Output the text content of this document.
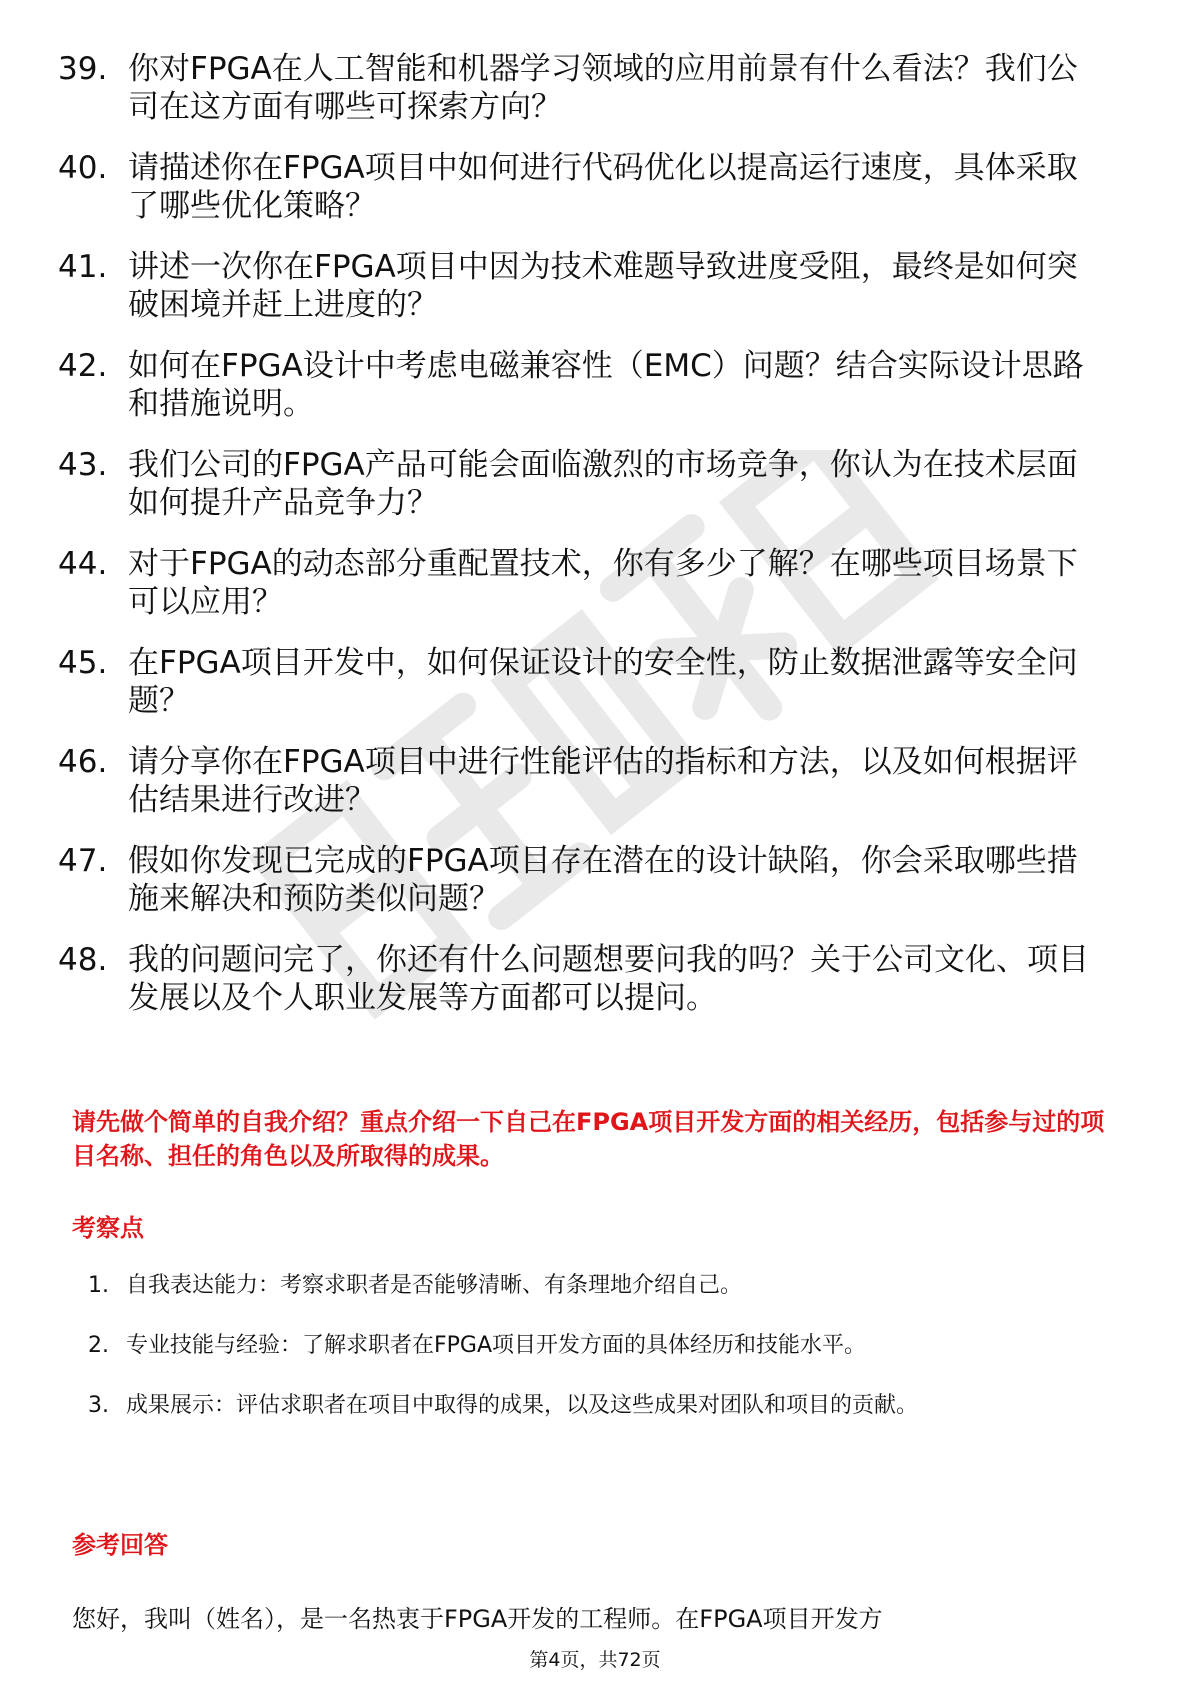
39. 你对FPGA在人工智能和机器学习领域的应用前景有什么看法？我们公司在这方面有哪些可探索方向？
40. 请描述你在FPGA项目中如何进行代码优化以提高运行速度，具体采取了哪些优化策略？
41. 讲述一次你在FPGA项目中因为技术难题导致进度受阻，最终是如何突破困境并赶上进度的？
42. 如何在FPGA设计中考虑电磁兼容性（EMC）问题？结合实际设计思路和措施说明。
43. 我们公司的FPGA产品可能会面临激烈的市场竞争，你认为在技术层面如何提升产品竞争力？
44. 对于FPGA的动态部分重配置技术，你有多少了解？在哪些项目场景下可以应用？
45. 在FPGA项目开发中，如何保证设计的安全性，防止数据泄露等安全问题？
46. 请分享你在FPGA项目中进行性能评估的指标和方法，以及如何根据评估结果进行改进？
47. 假如你发现已完成的FPGA项目存在潜在的设计缺陷，你会采取哪些措施来解决和预防类似问题？
48. 我的问题问完了，你还有什么问题想要问我的吗？关于公司文化、项目发展以及个人职业发展等方面都可以提问。
请先做个简单的自我介绍？重点介绍一下自己在FPGA项目开发方面的相关经历，包括参与过的项目名称、担任的角色以及所取得的成果。
考察点
1. 自我表达能力：考察求职者是否能够清晰、有条理地介绍自己。
2. 专业技能与经验：了解求职者在FPGA项目开发方面的具体经历和技能水平。
3. 成果展示：评估求职者在项目中取得的成果，以及这些成果对团队和项目的贡献。
参考回答
您好，我叫（姓名），是一名热衷于FPGA开发的工程师。在FPGA项目开发方
第4页，共72页
